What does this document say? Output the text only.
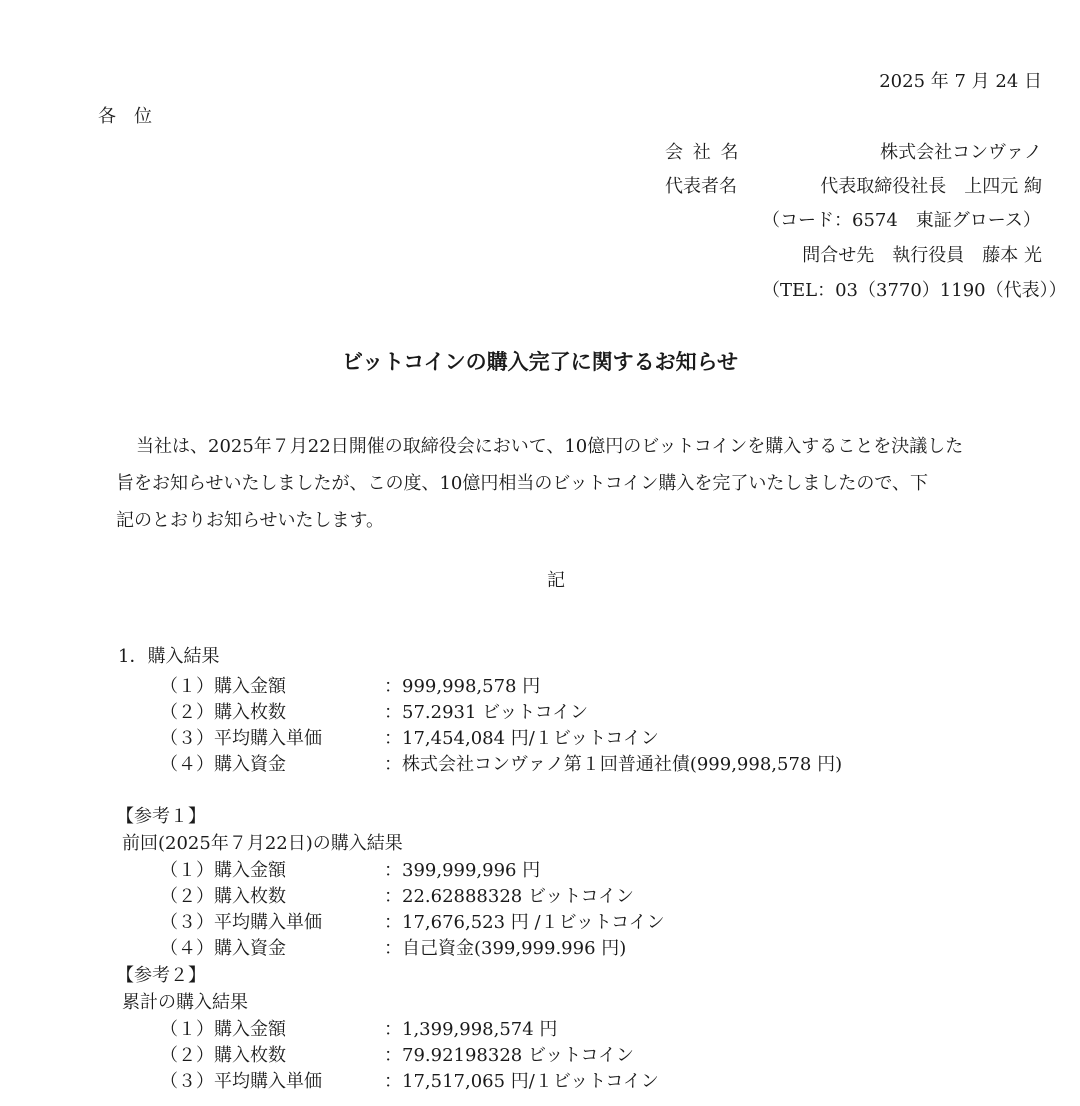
2025 年 7 月 24 日
各位
会 社 名	株式会社コンヴァノ
代表者名	代表取締役社長　上四元 絢
（コード：6574　東証グロース）
問合せ先　執行役員　藤本 光
（TEL：03（3770）1190（代表））
ビットコインの購入完了に関するお知らせ
当社は、2025年７月22日開催の取締役会において、10億円のビットコインを購入することを決議した
旨をお知らせいたしましたが、この度、10億円相当のビットコイン購入を完了いたしましたので、下
記のとおりお知らせいたします。
記
1．購入結果
（１）購入金額	：999,998,578 円
（２）購入枚数	：57.2931 ビットコイン
（３）平均購入単価	：17,454,084 円/１ビットコイン
（４）購入資金	：株式会社コンヴァノ第１回普通社債(999,998,578 円)
【参考１】
前回(2025年７月22日)の購入結果
（１）購入金額	：399,999,996 円
（２）購入枚数	：22.62888328 ビットコイン
（３）平均購入単価	：17,676,523 円 /１ビットコイン
（４）購入資金	：自己資金(399,999.996 円)
【参考２】
累計の購入結果
（１）購入金額	：1,399,998,574 円
（２）購入枚数	：79.92198328 ビットコイン
（３）平均購入単価	：17,517,065 円/１ビットコイン
